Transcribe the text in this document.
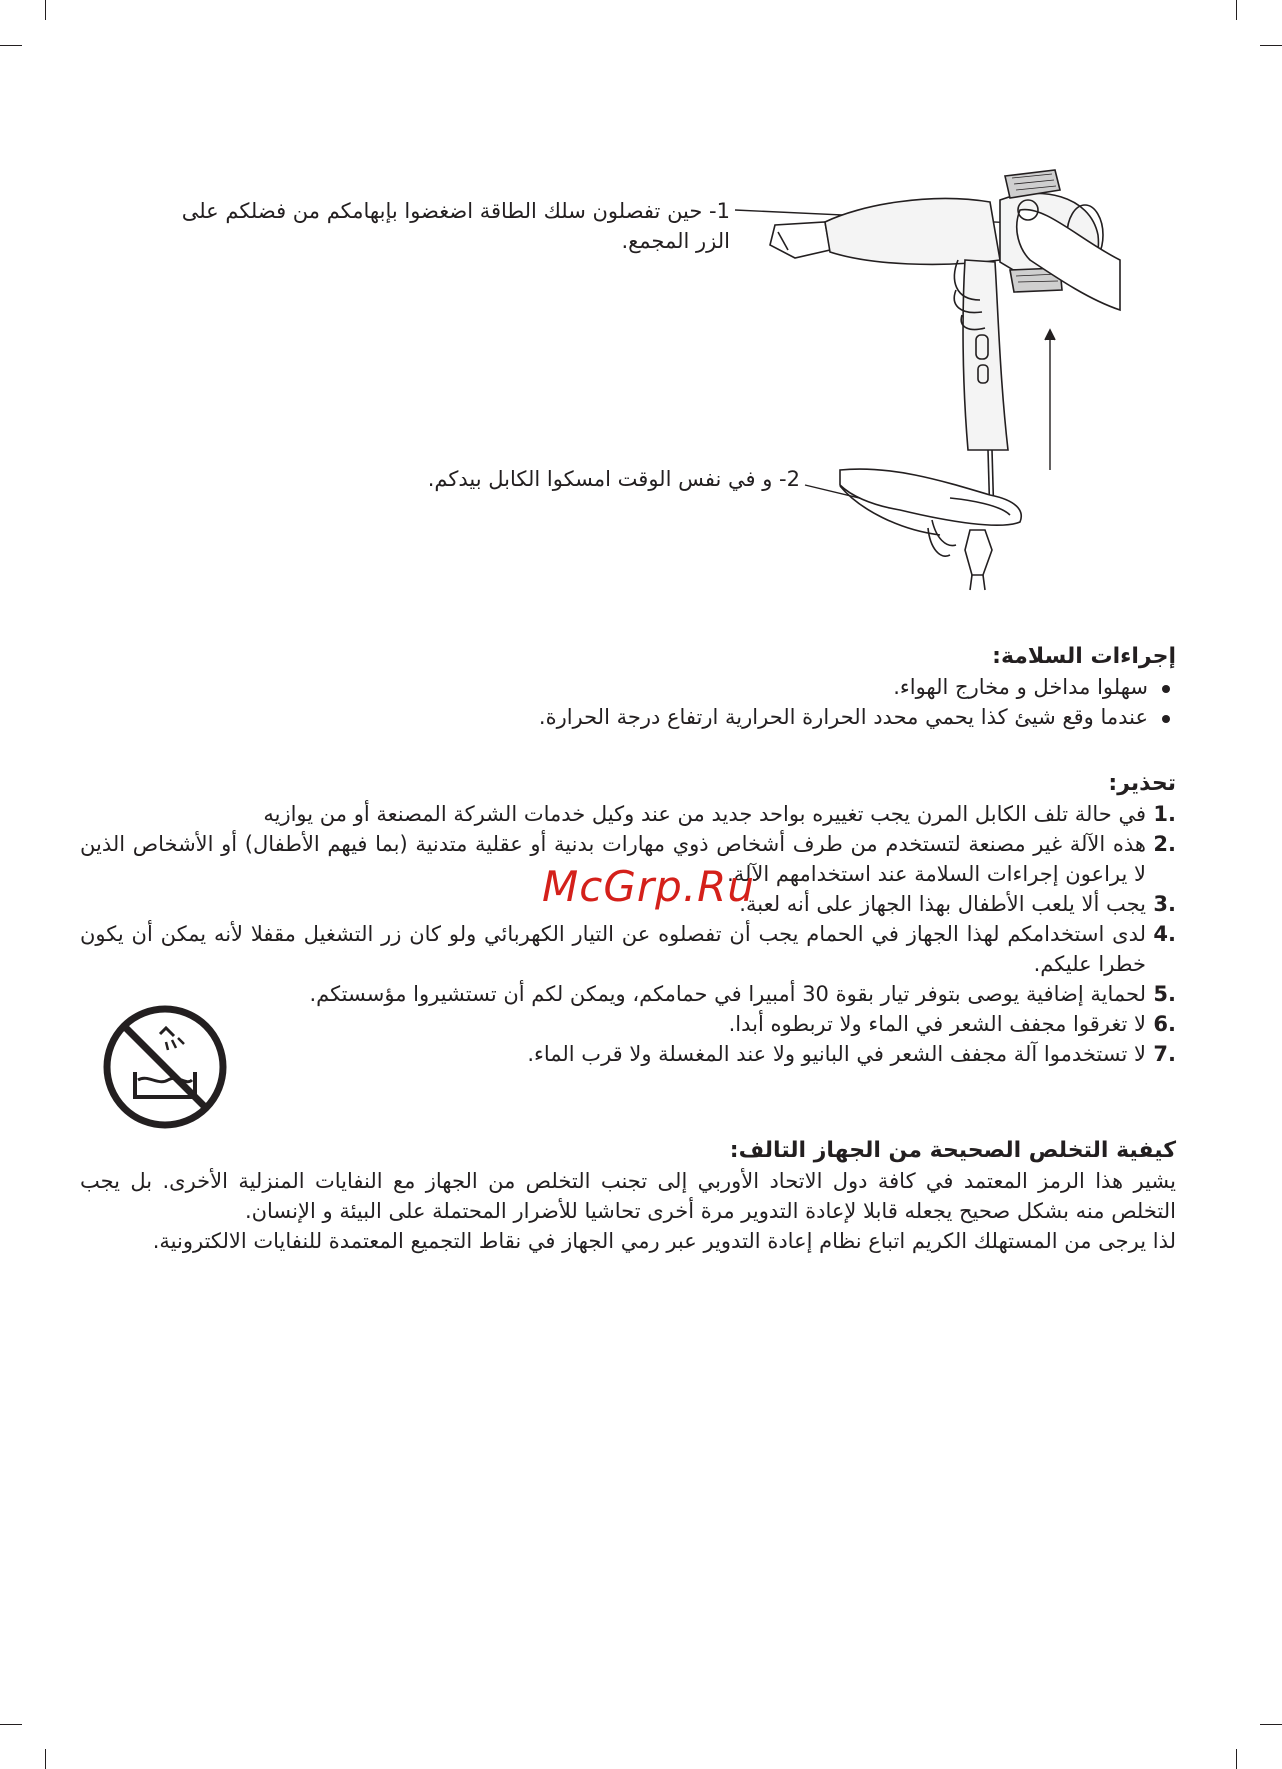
1- حين تفصلون سلك الطاقة اضغضوا بإبهامكم من فضلكم على الزر المجمع.
2- و في نفس الوقت امسكوا الكابل بيدكم.
إجراءات السلامة:
سهلوا مداخل و مخارج الهواء.
عندما وقع شيئ كذا يحمي محدد الحرارة الحرارية ارتفاع درجة الحرارة.
تحذير:
1.
في حالة تلف الكابل المرن يجب تغييره بواحد جديد من عند وكيل خدمات الشركة المصنعة أو من يوازيه
2.
هذه الآلة غير مصنعة لتستخدم من طرف أشخاص ذوي مهارات بدنية أو عقلية متدنية (بما فيهم الأطفال) أو الأشخاص الذين لا يراعون إجراءات السلامة عند استخدامهم الآلة.
3.
يجب ألا يلعب الأطفال بهذا الجهاز على أنه لعبة.
4.
لدى استخدامكم لهذا الجهاز في الحمام يجب أن تفصلوه عن التيار الكهربائي ولو كان زر التشغيل مقفلا لأنه يمكن أن يكون خطرا عليكم.
5.
لحماية إضافية يوصى بتوفر تيار بقوة 30 أمبيرا في حمامكم، ويمكن لكم أن تستشيروا مؤسستكم.
6.
لا تغرقوا مجفف الشعر في الماء ولا تربطوه أبدا.
7.
لا تستخدموا آلة مجفف الشعر في البانيو ولا عند المغسلة ولا قرب الماء.
McGrp.Ru
كيفية التخلص الصحيحة من الجهاز التالف:

يشير هذا الرمز المعتمد في كافة دول الاتحاد الأوربي إلى تجنب التخلص من الجهاز مع النفايات المنزلية الأخرى. بل يجب التخلص منه بشكل صحيح يجعله قابلا لإعادة التدوير مرة أخرى تحاشيا للأضرار المحتملة على البيئة و الإنسان.

لذا يرجى من المستهلك الكريم اتباع نظام إعادة التدوير عبر رمي الجهاز في نقاط التجميع المعتمدة للنفايات الالكترونية.
